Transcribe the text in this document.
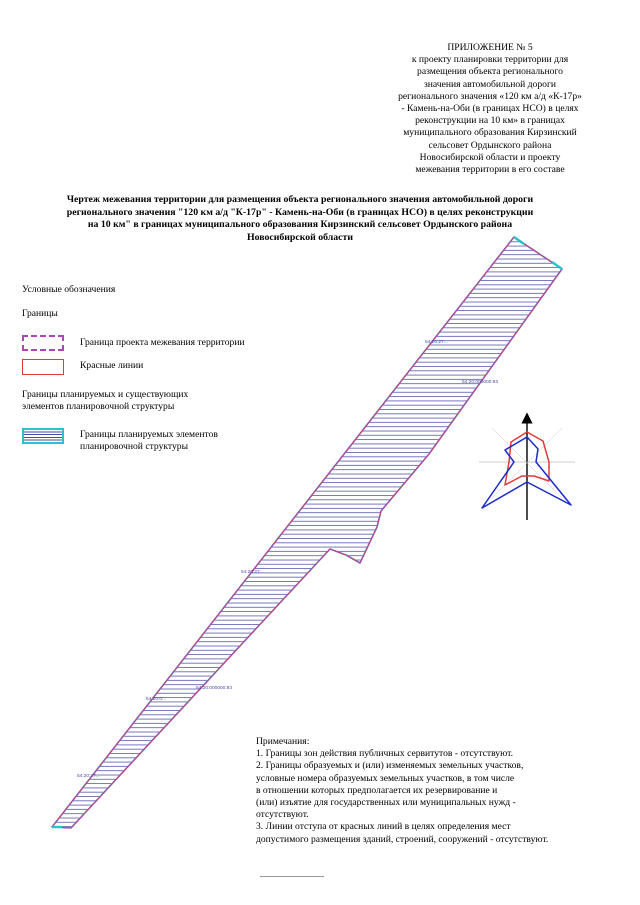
ПРИЛОЖЕНИЕ № 5
к проекту планировки территории для
размещения объекта регионального
значения автомобильной дороги
регионального значения «120 км а/д «К-17р»
- Камень-на-Оби (в границах НСО) в целях
реконструкции на 10 км» в границах
муниципального образования Кирзинский
сельсовет Ордынского района
Новосибирской области и проекту
межевания территории в его составе
Чертеж межевания территории для размещения объекта регионального значения автомобильной дороги
регионального значения "120 км а/д "К-17р" - Камень-на-Оби (в границах НСО) в целях реконструкции
на 10 км" в границах муниципального образования Кирзинский сельсовет Ордынского района
Новосибирской области
Условные обозначения
Границы
Граница проекта межевания территории
Красные линии
Границы планируемых и существующих
элементов планировочной структуры
Границы планируемых элементов
планировочной структуры
54:20:27...
54:20:000000:93
54:20:27...
54:20:000000:93
54:20:0...
54:20:27...
Примечания:
1. Границы зон действия публичных сервитутов - отсутствуют.
2. Границы образуемых и (или) изменяемых земельных участков,
условные номера образуемых земельных участков, в том числе
в отношении которых предполагается их резервирование и
(или) изъятие для государственных или муниципальных нужд -
отсутствуют.
3. Линии отступа от красных линий в целях определения мест
допустимого размещения зданий, строений, сооружений - отсутствуют.
